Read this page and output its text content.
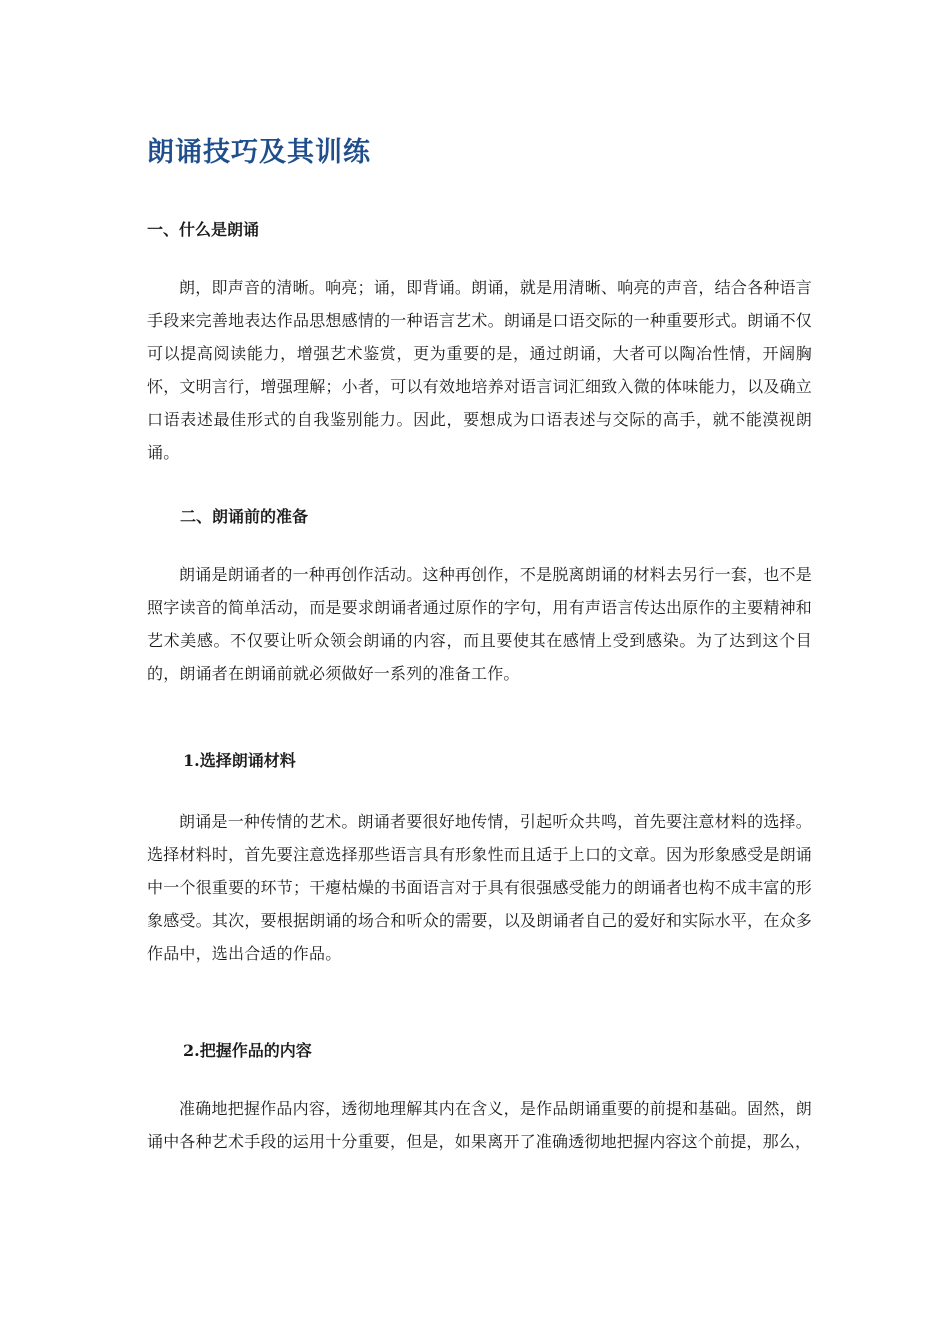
朗诵技巧及其训练
一、什么是朗诵

朗，即声音的清晰。响亮；诵，即背诵。朗诵，就是用清晰、响亮的声音，结合各种语言手段来完善地表达作品思想感情的一种语言艺术。朗诵是口语交际的一种重要形式。朗诵不仅可以提高阅读能力，增强艺术鉴赏，更为重要的是，通过朗诵，大者可以陶冶性情，开阔胸怀，文明言行，增强理解；小者，可以有效地培养对语言词汇细致入微的体味能力，以及确立口语表述最佳形式的自我鉴别能力。因此，要想成为口语表述与交际的高手，就不能漠视朗诵。

二、朗诵前的准备

朗诵是朗诵者的一种再创作活动。这种再创作，不是脱离朗诵的材料去另行一套，也不是照字读音的简单活动，而是要求朗诵者通过原作的字句，用有声语言传达出原作的主要精神和艺术美感。不仅要让听众领会朗诵的内容，而且要使其在感情上受到感染。为了达到这个目的，朗诵者在朗诵前就必须做好一系列的准备工作。

1.选择朗诵材料

朗诵是一种传情的艺术。朗诵者要很好地传情，引起听众共鸣，首先要注意材料的选择。选择材料时，首先要注意选择那些语言具有形象性而且适于上口的文章。因为形象感受是朗诵中一个很重要的环节；干瘪枯燥的书面语言对于具有很强感受能力的朗诵者也构不成丰富的形象感受。其次，要根据朗诵的场合和听众的需要，以及朗诵者自己的爱好和实际水平，在众多作品中，选出合适的作品。

2.把握作品的内容

准确地把握作品内容，透彻地理解其内在含义，是作品朗诵重要的前提和基础。固然，朗诵中各种艺术手段的运用十分重要，但是，如果离开了准确透彻地把握内容这个前提，那么，
